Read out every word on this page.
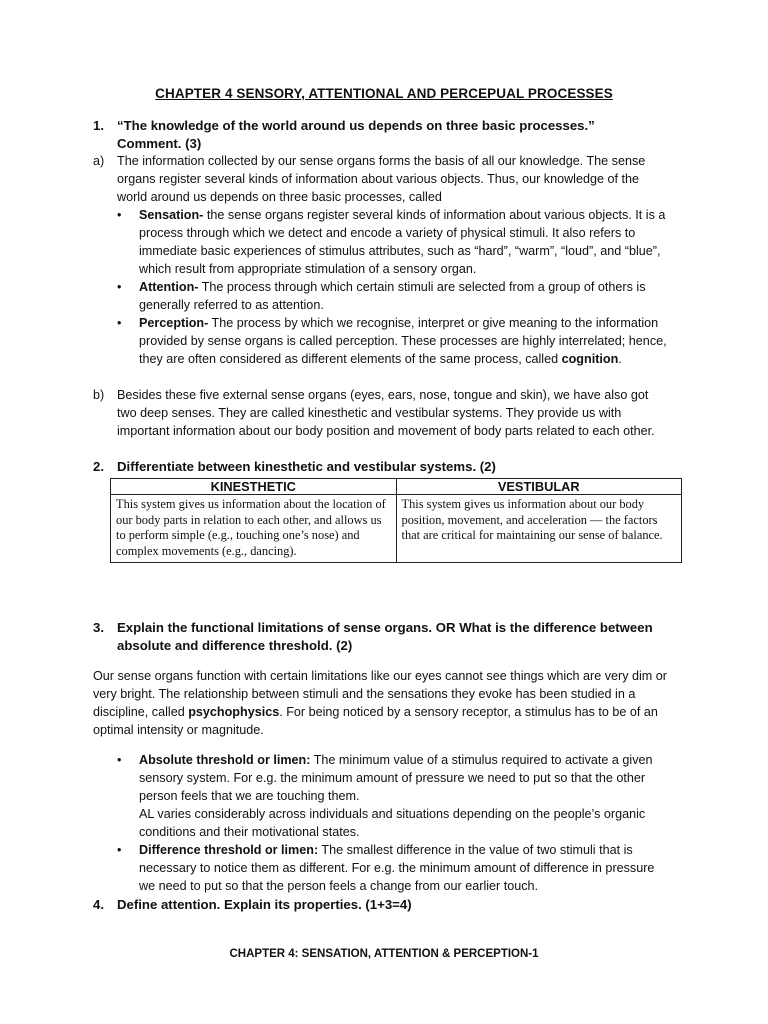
CHAPTER 4 SENSORY, ATTENTIONAL AND PERCEPUAL PROCESSES
1. “The knowledge of the world around us depends on three basic processes.” Comment. (3)
a) The information collected by our sense organs forms the basis of all our knowledge. The sense organs register several kinds of information about various objects. Thus, our knowledge of the world around us depends on three basic processes, called
• Sensation- the sense organs register several kinds of information about various objects. It is a process through which we detect and encode a variety of physical stimuli. It also refers to immediate basic experiences of stimulus attributes, such as “hard”, “warm”, “loud”, and “blue”, which result from appropriate stimulation of a sensory organ.
• Attention- The process through which certain stimuli are selected from a group of others is generally referred to as attention.
• Perception- The process by which we recognise, interpret or give meaning to the information provided by sense organs is called perception. These processes are highly interrelated; hence, they are often considered as different elements of the same process, called cognition.
b) Besides these five external sense organs (eyes, ears, nose, tongue and skin), we have also got two deep senses. They are called kinesthetic and vestibular systems. They provide us with important information about our body position and movement of body parts related to each other.
2. Differentiate between kinesthetic and vestibular systems. (2)
KINESTHETIC	VESTIBULAR
This system gives us information about the location of our body parts in relation to each other, and allows us to perform simple (e.g., touching one’s nose) and complex movements (e.g., dancing).	This system gives us information about our body position, movement, and acceleration — the factors that are critical for maintaining our sense of balance.
3. Explain the functional limitations of sense organs. OR What is the difference between absolute and difference threshold. (2)
Our sense organs function with certain limitations like our eyes cannot see things which are very dim or very bright. The relationship between stimuli and the sensations they evoke has been studied in a discipline, called psychophysics. For being noticed by a sensory receptor, a stimulus has to be of an optimal intensity or magnitude.
• Absolute threshold or limen: The minimum value of a stimulus required to activate a given sensory system. For e.g. the minimum amount of pressure we need to put so that the other person feels that we are touching them.
AL varies considerably across individuals and situations depending on the people’s organic conditions and their motivational states.
• Difference threshold or limen: The smallest difference in the value of two stimuli that is necessary to notice them as different. For e.g. the minimum amount of difference in pressure we need to put so that the person feels a change from our earlier touch.
4. Define attention. Explain its properties. (1+3=4)
CHAPTER 4: SENSATION, ATTENTION & PERCEPTION-1
